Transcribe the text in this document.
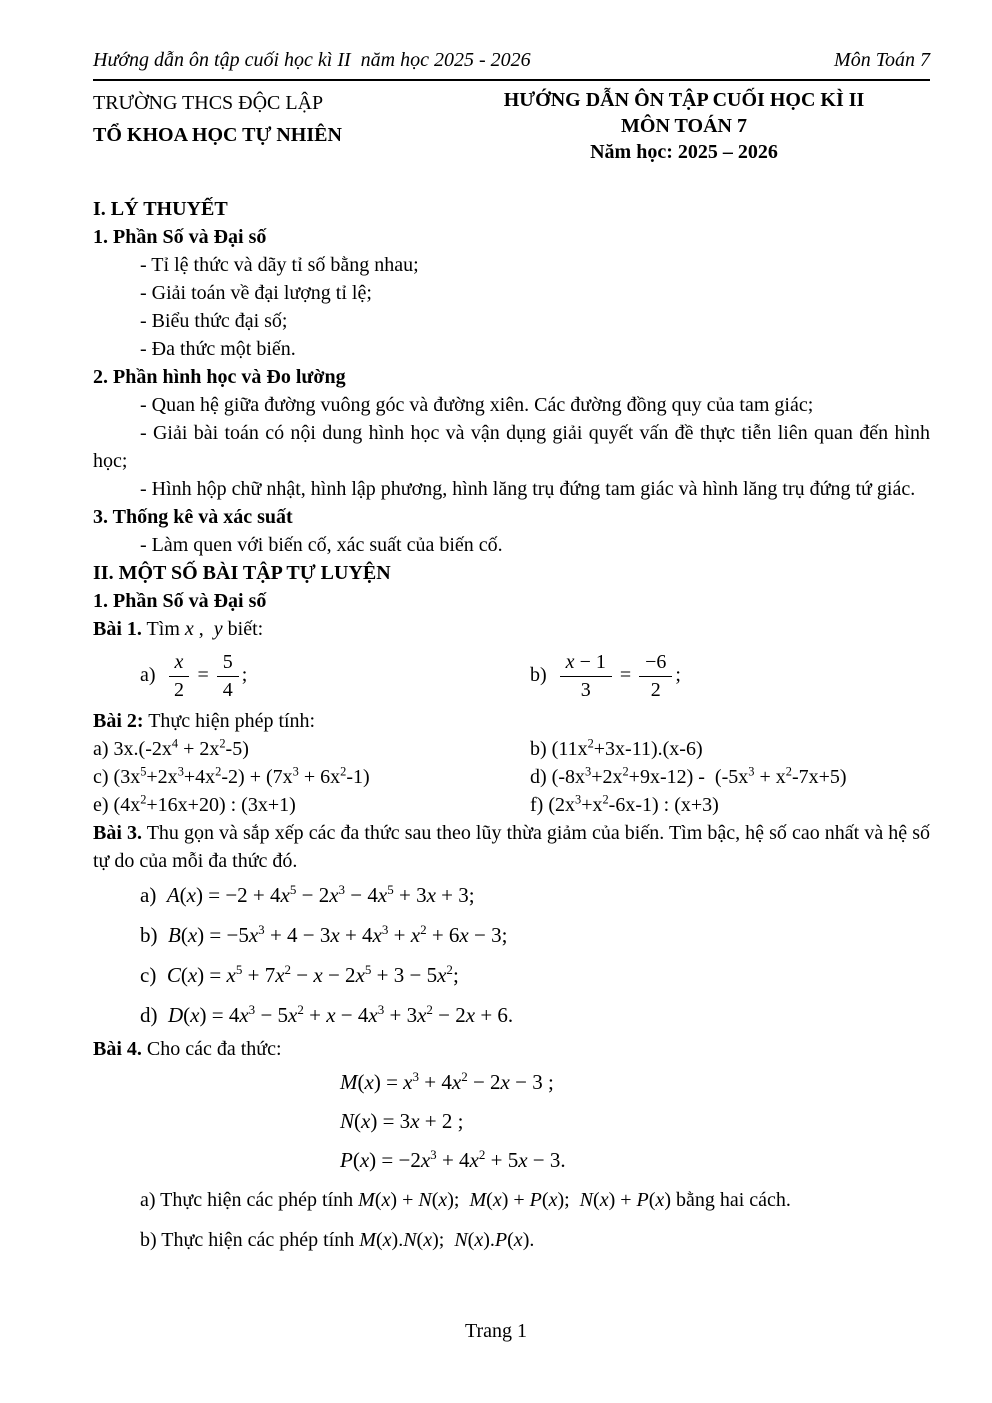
Hướng dẫn ôn tập cuối học kì II  năm học 2025 - 2026	Môn Toán 7
TRƯỜNG THCS ĐỘC LẬP
TỔ KHOA HỌC TỰ NHIÊN
HƯỚNG DẪN ÔN TẬP CUỐI HỌC KÌ II
MÔN TOÁN 7
Năm học: 2025 – 2026
I. LÝ THUYẾT
1. Phần Số và Đại số
- Tỉ lệ thức và dãy tỉ số bằng nhau;
- Giải toán về đại lượng tỉ lệ;
- Biểu thức đại số;
- Đa thức một biến.
2. Phần hình học và Đo lường
- Quan hệ giữa đường vuông góc và đường xiên. Các đường đồng quy của tam giác;
- Giải bài toán có nội dung hình học và vận dụng giải quyết vấn đề thực tiễn liên quan đến hình học;
- Hình hộp chữ nhật, hình lập phương, hình lăng trụ đứng tam giác và hình lăng trụ đứng tứ giác.
3. Thống kê và xác suất
- Làm quen với biến cố, xác suất của biến cố.
II. MỘT SỐ BÀI TẬP TỰ LUYỆN
1. Phần Số và Đại số
Bài 1. Tìm x ,  y biết:
$a) \frac{x}{2} = \frac{5}{4}$ ;	$b) \frac{x - 1}{3} = \frac{-6}{2}$ ;
Bài 2: Thực hiện phép tính:
a) $3x.(-2x^4 + 2x^2-5)$	b) $(11x^2+3x-11).(x-6)$
c) $(3x^5+2x^3+4x^2-2) + (7x^3 + 6x^2-1)$	d) $(-8x^3+2x^2+9x-12) - (-5x^3 + x^2-7x+5)$
e) $(4x^2+16x+20)$ : (3x+1)	f) $(2x^3+x^2-6x-1)$ : (x+3)
Bài 3. Thu gọn và sắp xếp các đa thức sau theo lũy thừa giảm của biến. Tìm bậc, hệ số cao nhất và hệ số tự do của mỗi đa thức đó.
a)  $A(x) = -2 + 4x^5 - 2x^3 - 4x^5 + 3x + 3$;
b)  $B(x) = -5x^3 + 4 - 3x + 4x^3 + x^2 + 6x - 3$;
c)  $C(x) = x^5 + 7x^2 - x - 2x^5 + 3 - 5x^2$;
d)  $D(x) = 4x^3 - 5x^2 + x - 4x^3 + 3x^2 - 2x + 6$.
Bài 4. Cho các đa thức:
$M(x) = x^3 + 4x^2 - 2x - 3$ ;
N(x) = 3x + 2 ;
$P(x) = -2x^3 + 4x^2 + 5x - 3$.
a) Thực hiện các phép tính M(x) + N(x);  M(x) + P(x);  N(x) + P(x) bằng hai cách.
b) Thực hiện các phép tính M(x).N(x);  N(x).P(x).
Trang 1
